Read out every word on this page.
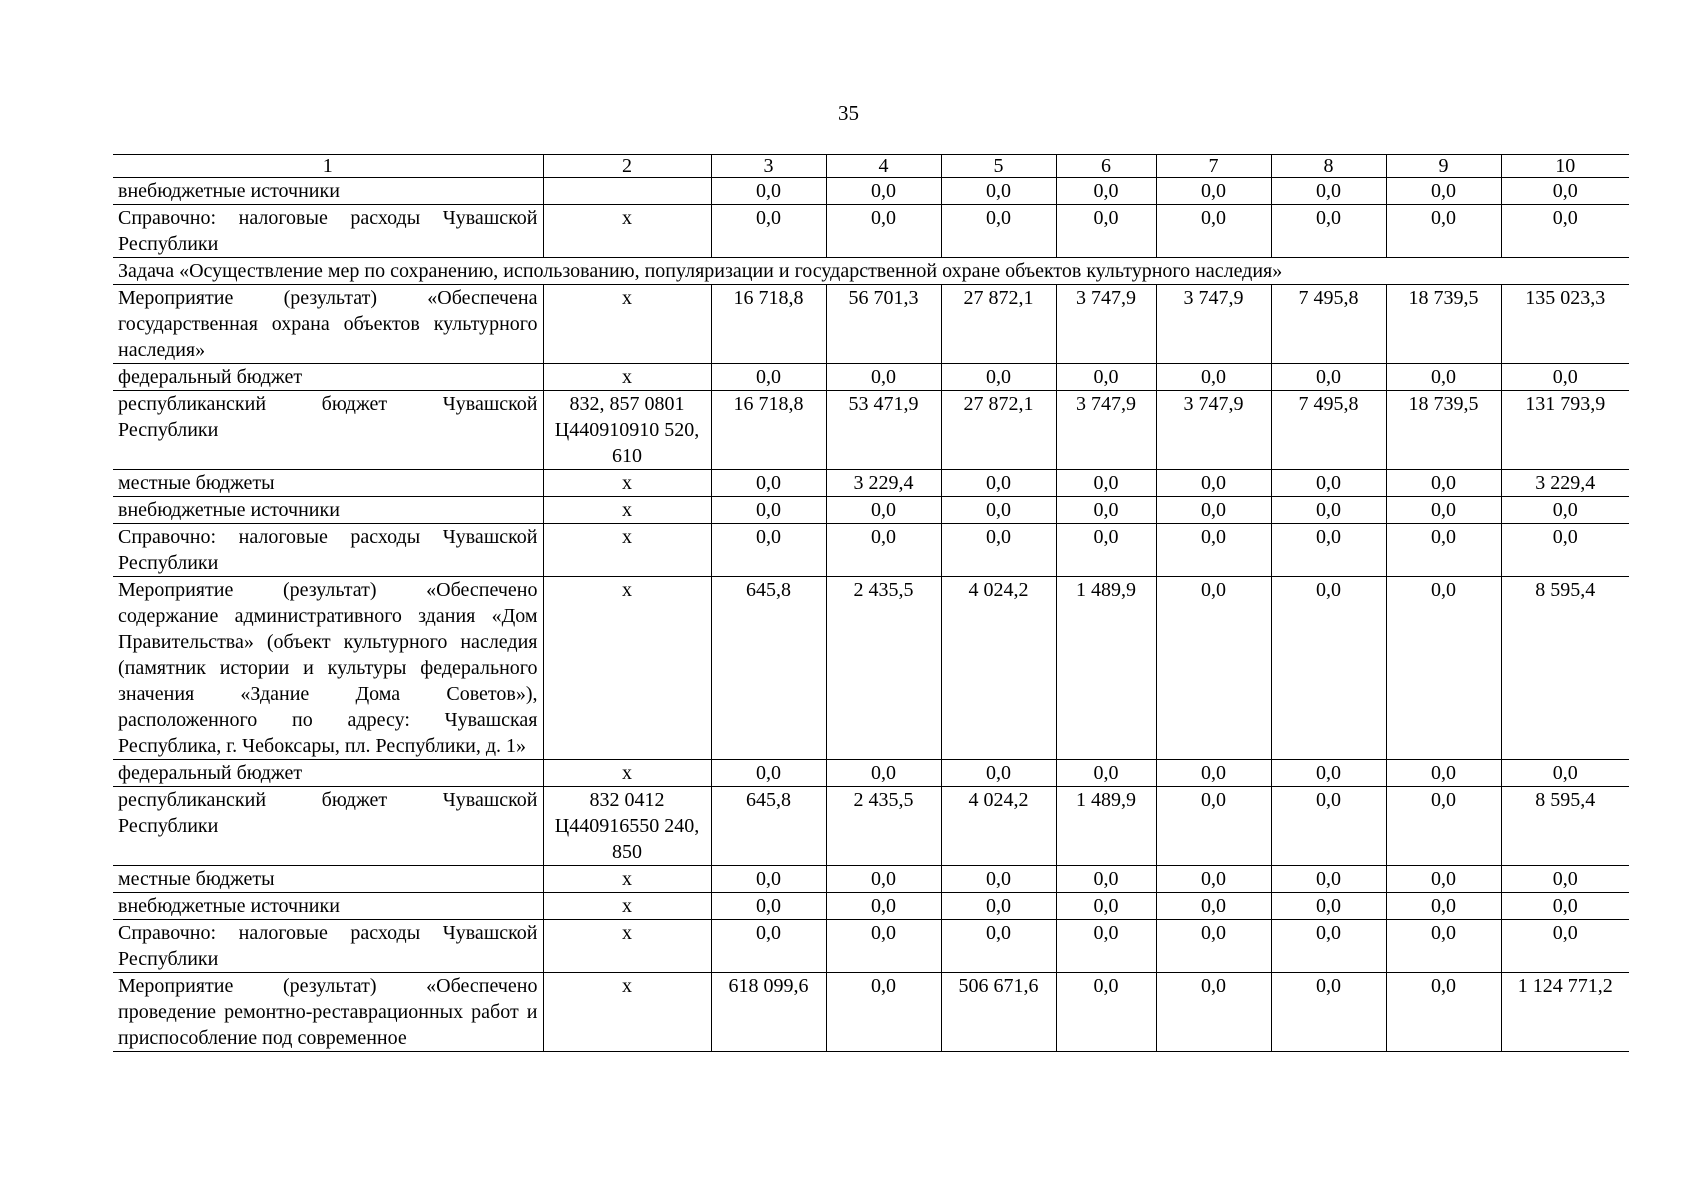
35
1	2	3	4	5	6	7	8	9	10
внебюджетные источники		0,0	0,0	0,0	0,0	0,0	0,0	0,0	0,0
Справочно: налоговые расходы Чувашской Республики	х	0,0	0,0	0,0	0,0	0,0	0,0	0,0	0,0
Задача «Осуществление мер по сохранению, использованию, популяризации и государственной охране объектов культурного наследия»									
Мероприятие (результат) «Обеспечена государственная охрана объектов культурного наследия»	х	16 718,8	56 701,3	27 872,1	3 747,9	3 747,9	7 495,8	18 739,5	135 023,3
федеральный бюджет	х	0,0	0,0	0,0	0,0	0,0	0,0	0,0	0,0
республиканский бюджет Чувашской Республики	832, 857 0801 Ц440910910 520, 610	16 718,8	53 471,9	27 872,1	3 747,9	3 747,9	7 495,8	18 739,5	131 793,9
местные бюджеты	х	0,0	3 229,4	0,0	0,0	0,0	0,0	0,0	3 229,4
внебюджетные источники	х	0,0	0,0	0,0	0,0	0,0	0,0	0,0	0,0
Справочно: налоговые расходы Чувашской Республики	х	0,0	0,0	0,0	0,0	0,0	0,0	0,0	0,0
Мероприятие (результат) «Обеспечено содержание административного здания «Дом Правительства» (объект культурного наследия (памятник истории и культуры федерального значения «Здание Дома Советов»), расположенного по адресу: Чувашская Республика, г. Чебоксары, пл. Республики, д. 1»	х	645,8	2 435,5	4 024,2	1 489,9	0,0	0,0	0,0	8 595,4
федеральный бюджет	х	0,0	0,0	0,0	0,0	0,0	0,0	0,0	0,0
республиканский бюджет Чувашской Республики	832 0412 Ц440916550 240, 850	645,8	2 435,5	4 024,2	1 489,9	0,0	0,0	0,0	8 595,4
местные бюджеты	х	0,0	0,0	0,0	0,0	0,0	0,0	0,0	0,0
внебюджетные источники	х	0,0	0,0	0,0	0,0	0,0	0,0	0,0	0,0
Справочно: налоговые расходы Чувашской Республики	х	0,0	0,0	0,0	0,0	0,0	0,0	0,0	0,0
Мероприятие (результат) «Обеспечено проведение ремонтно-реставрационных работ и приспособление под современное	х	618 099,6	0,0	506 671,6	0,0	0,0	0,0	0,0	1 124 771,2
